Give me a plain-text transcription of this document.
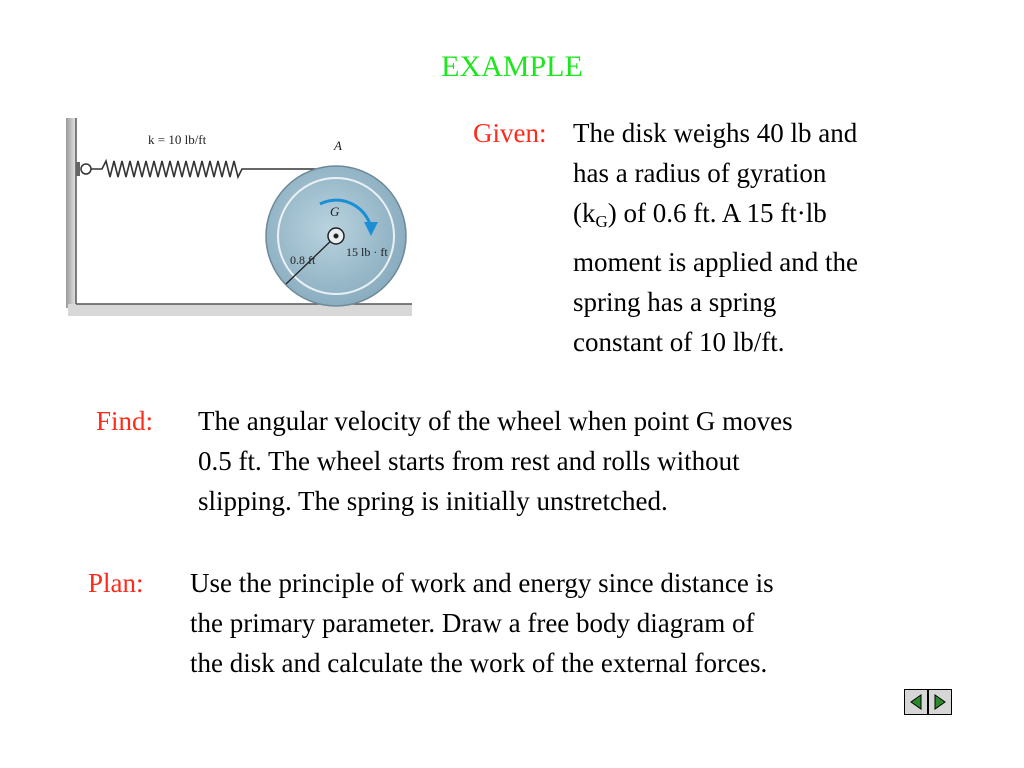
EXAMPLE
k = 10 lb/ft	A
G
0.8 ft
15 lb · ft
Given: The disk weighs 40 lb and
has a radius of gyration
$(k_G)$ of 0.6 ft. A 15 ft·lb
moment is applied and the
spring has a spring
constant of 10 lb/ft.
Find: The angular velocity of the wheel when point G moves
0.5 ft. The wheel starts from rest and rolls without
slipping. The spring is initially unstretched.
Plan: Use the principle of work and energy since distance is
the primary parameter. Draw a free body diagram of
the disk and calculate the work of the external forces.
